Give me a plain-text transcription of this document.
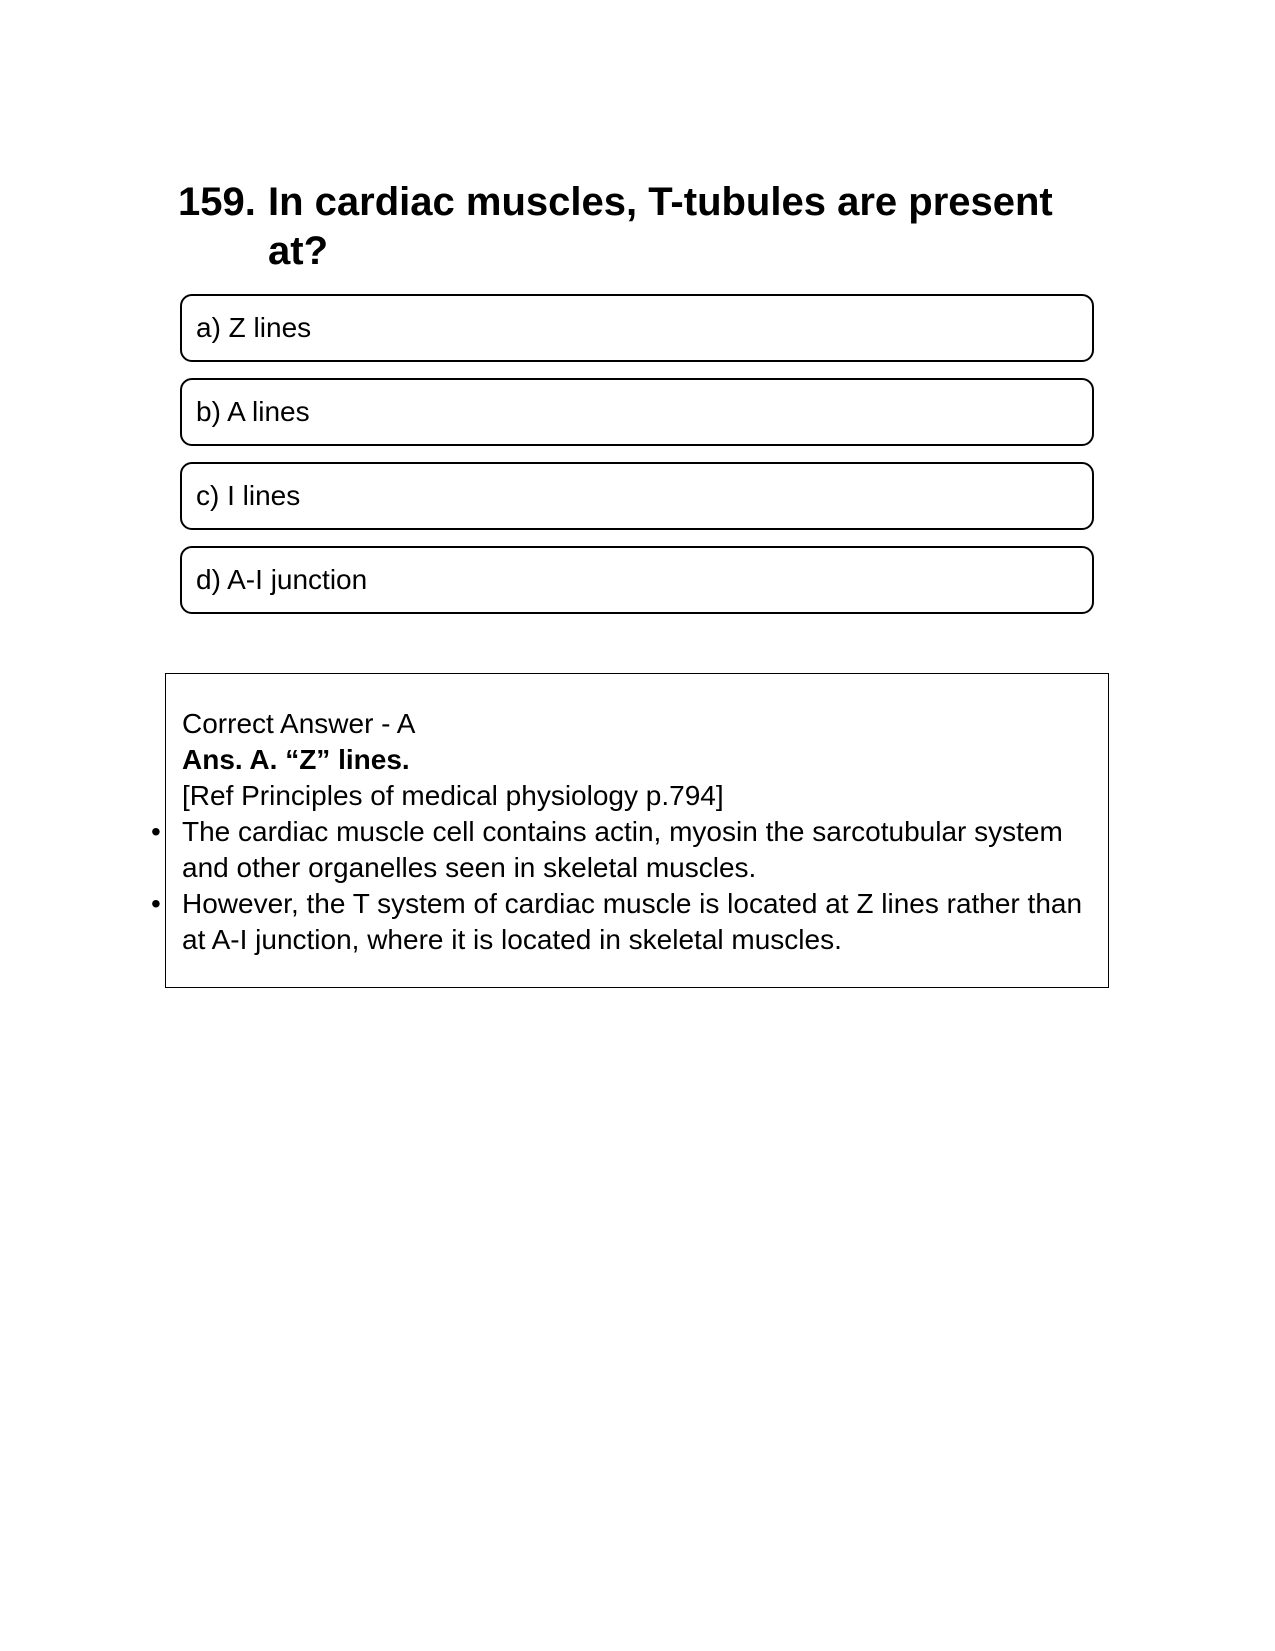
159. In cardiac muscles, T-tubules are present at?
a) Z lines
b) A lines
c) I lines
d) A-I junction
Correct Answer - A
Ans. A. “Z” lines.
[Ref Principles of medical physiology p.794]
• The cardiac muscle cell contains actin, myosin the sarcotubular system and other organelles seen in skeletal muscles.
• However, the T system of cardiac muscle is located at Z lines rather than at A-I junction, where it is located in skeletal muscles.
